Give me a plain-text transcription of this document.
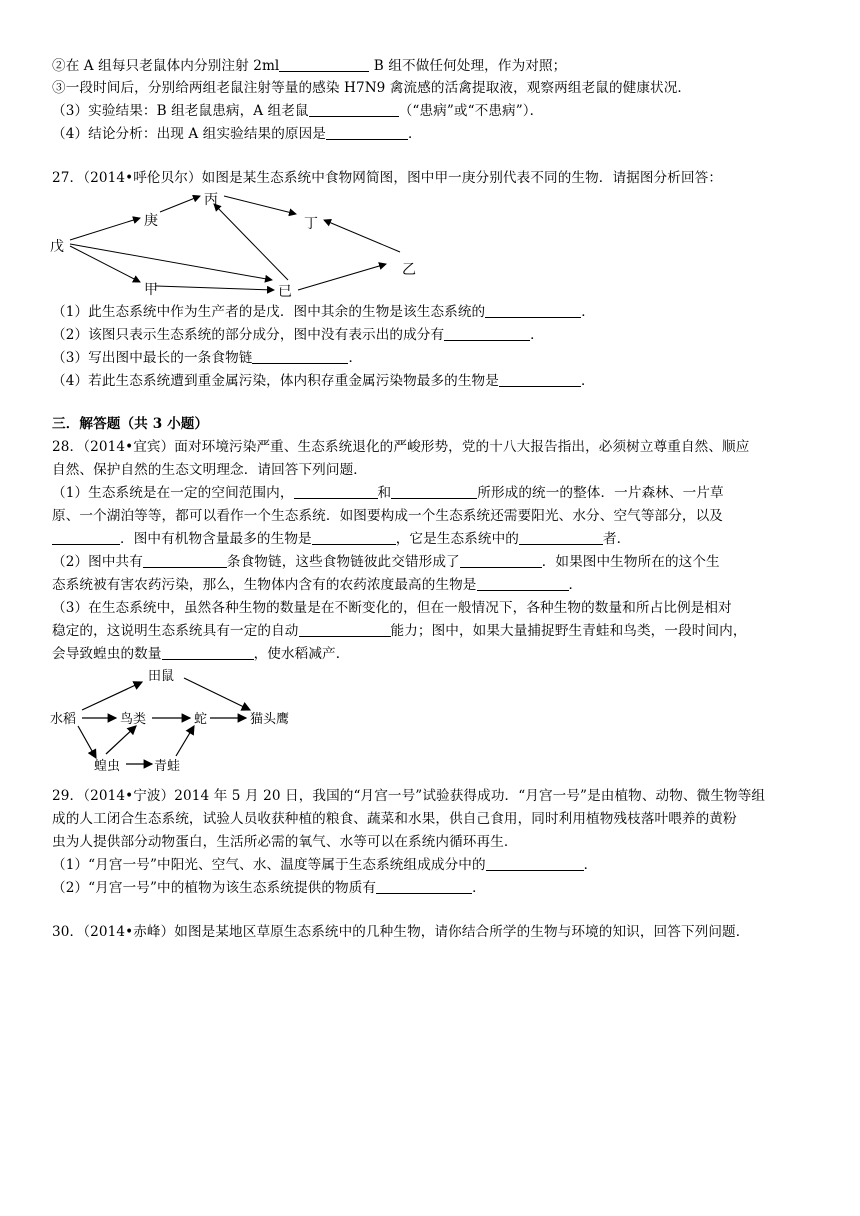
②在 A 组每只老鼠体内分别注射 2ml	B 组不做任何处理，作为对照；
③一段时间后，分别给两组老鼠注射等量的感染 H7N9 禽流感的活禽提取液，观察两组老鼠的健康状况．
（3）实验结果：B 组老鼠患病，A 组老鼠	（“患病”或“不患病”）．
（4）结论分析：出现 A 组实验结果的原因是	．
27．（2014•呼伦贝尔）如图是某生态系统中食物网简图，图中甲一庚分别代表不同的生物．请据图分析回答：
戊
庚
丙
丁
乙
甲	已
（1）此生态系统中作为生产者的是戊．图中其余的生物是该生态系统的	．
（2）该图只表示生态系统的部分成分，图中没有表示出的成分有	．
（3）写出图中最长的一条食物链	．
（4）若此生态系统遭到重金属污染，体内积存重金属污染物最多的生物是	．
三．解答题（共 3 小题）
28．（2014•宜宾）面对环境污染严重、生态系统退化的严峻形势，党的十八大报告指出，必须树立尊重自然、顺应
自然、保护自然的生态文明理念．请回答下列问题．
（1）生态系统是在一定的空间范围内，	和	所形成的统一的整体．一片森林、一片草
原、一个湖泊等等，都可以看作一个生态系统．如图要构成一个生态系统还需要阳光、水分、空气等部分，以及
．图中有机物含量最多的生物是	，它是生态系统中的	者．
（2）图中共有	条食物链，这些食物链彼此交错形成了	．如果图中生物所在的这个生
态系统被有害农药污染，那么，生物体内含有的农药浓度最高的生物是	．
（3）在生态系统中，虽然各种生物的数量是在不断变化的，但在一般情况下，各种生物的数量和所占比例是相对
稳定的，这说明生态系统具有一定的自动	能力；图中，如果大量捕捉野生青蛙和鸟类，一段时间内，
会导致蝗虫的数量	，使水稻减产．
田鼠
水稻	鸟类	蛇	猫头鹰
蝗虫	青蛙
29．（2014•宁波）2014 年 5 月 20 日，我国的“月宫一号”试验获得成功．“月宫一号”是由植物、动物、微生物等组
成的人工闭合生态系统，试验人员收获种植的粮食、蔬菜和水果，供自己食用，同时利用植物残枝落叶喂养的黄粉
虫为人提供部分动物蛋白，生活所必需的氧气、水等可以在系统内循环再生．
（1）“月宫一号”中阳光、空气、水、温度等属于生态系统组成成分中的	．
（2）“月宫一号”中的植物为该生态系统提供的物质有	．
30．（2014•赤峰）如图是某地区草原生态系统中的几种生物，请你结合所学的生物与环境的知识，回答下列问题．
